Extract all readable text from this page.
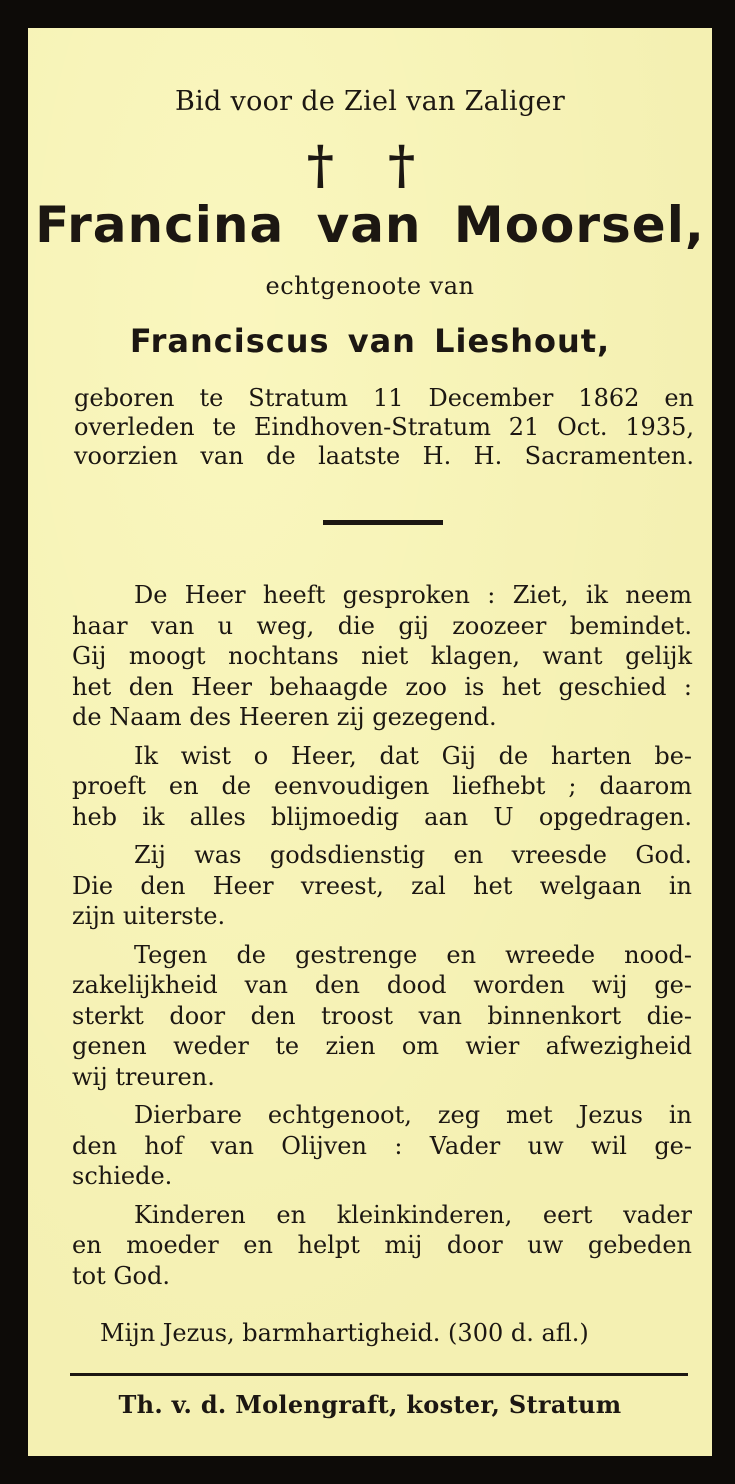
Bid voor de Ziel van Zaliger
† †
Francina van Moorsel,
echtgenoote van
Franciscus van Lieshout,
geboren te Stratum 11 December 1862 en
overleden te Eindhoven-Stratum 21 Oct. 1935,
voorzien van de laatste H. H. Sacramenten.
De Heer heeft gesproken : Ziet, ik neem
haar van u weg, die gij zoozeer bemindet.
Gij moogt nochtans niet klagen, want gelijk
het den Heer behaagde zoo is het geschied :
de Naam des Heeren zij gezegend.
Ik wist o Heer, dat Gij de harten be-
proeft en de eenvoudigen liefhebt ; daarom
heb ik alles blijmoedig aan U opgedragen.
Zij was godsdienstig en vreesde God.
Die den Heer vreest, zal het welgaan in
zijn uiterste.
Tegen de gestrenge en wreede nood-
zakelijkheid van den dood worden wij ge-
sterkt door den troost van binnenkort die-
genen weder te zien om wier afwezigheid
wij treuren.
Dierbare echtgenoot, zeg met Jezus in
den hof van Olijven : Vader uw wil ge-
schiede.
Kinderen en kleinkinderen, eert vader
en moeder en helpt mij door uw gebeden
tot God.
Mijn Jezus, barmhartigheid. (300 d. afl.)
Th. v. d. Molengraft, koster, Stratum
